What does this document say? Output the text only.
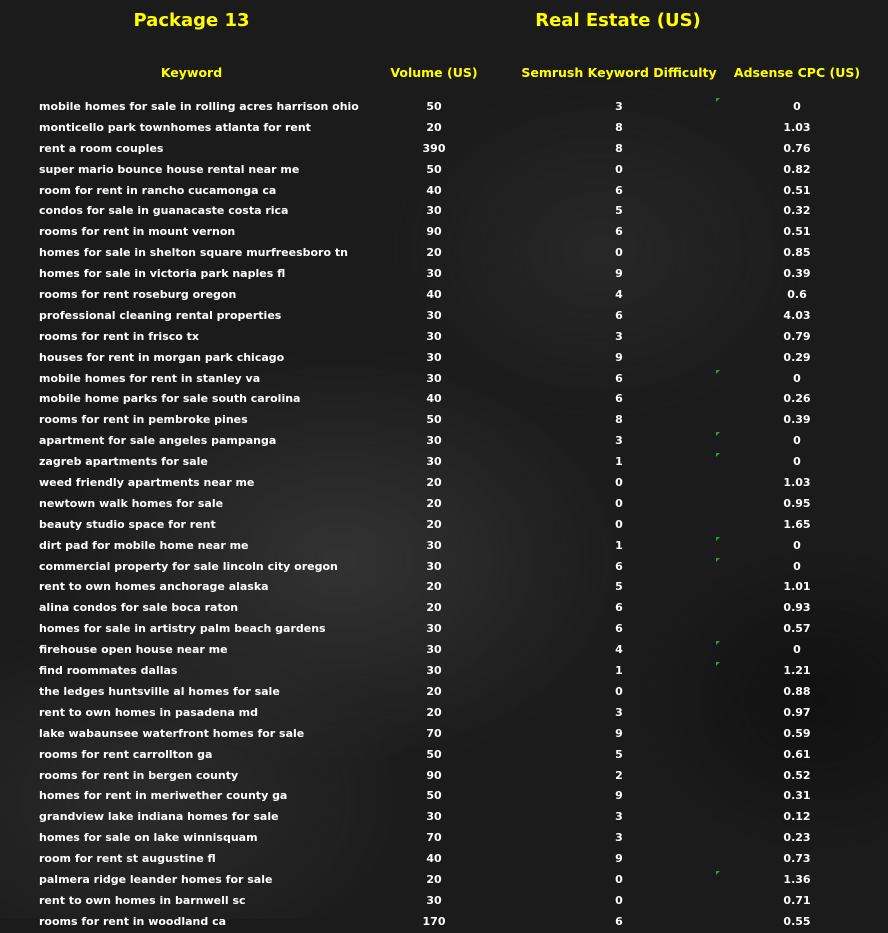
Package 13	Real Estate (US)
Keyword	Volume (US)	Semrush Keyword Difficulty	Adsense CPC (US)
mobile homes for sale in rolling acres harrison ohio	50	3	0
monticello park townhomes atlanta for rent	20	8	1.03
rent a room couples	390	8	0.76
super mario bounce house rental near me	50	0	0.82
room for rent in rancho cucamonga ca	40	6	0.51
condos for sale in guanacaste costa rica	30	5	0.32
rooms for rent in mount vernon	90	6	0.51
homes for sale in shelton square murfreesboro tn	20	0	0.85
homes for sale in victoria park naples fl	30	9	0.39
rooms for rent roseburg oregon	40	4	0.6
professional cleaning rental properties	30	6	4.03
rooms for rent in frisco tx	30	3	0.79
houses for rent in morgan park chicago	30	9	0.29
mobile homes for rent in stanley va	30	6	0
mobile home parks for sale south carolina	40	6	0.26
rooms for rent in pembroke pines	50	8	0.39
apartment for sale angeles pampanga	30	3	0
zagreb apartments for sale	30	1	0
weed friendly apartments near me	20	0	1.03
newtown walk homes for sale	20	0	0.95
beauty studio space for rent	20	0	1.65
dirt pad for mobile home near me	30	1	0
commercial property for sale lincoln city oregon	30	6	0
rent to own homes anchorage alaska	20	5	1.01
alina condos for sale boca raton	20	6	0.93
homes for sale in artistry palm beach gardens	30	6	0.57
firehouse open house near me	30	4	0
find roommates dallas	30	1	1.21
the ledges huntsville al homes for sale	20	0	0.88
rent to own homes in pasadena md	20	3	0.97
lake wabaunsee waterfront homes for sale	70	9	0.59
rooms for rent carrollton ga	50	5	0.61
rooms for rent in bergen county	90	2	0.52
homes for rent in meriwether county ga	50	9	0.31
grandview lake indiana homes for sale	30	3	0.12
homes for sale on lake winnisquam	70	3	0.23
room for rent st augustine fl	40	9	0.73
palmera ridge leander homes for sale	20	0	1.36
rent to own homes in barnwell sc	30	0	0.71
rooms for rent in woodland ca	170	6	0.55
